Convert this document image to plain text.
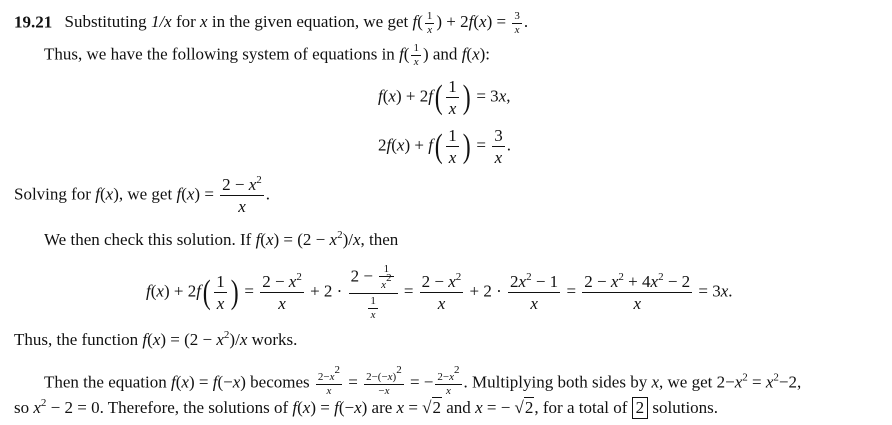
19.21 Substituting 1/x for x in the given equation, we get $f( \frac{1}{x}$ ) + $2f(x) = \frac{3}{x}$ .
Thus, we have the following system of equations in $f( \frac{1}{x}$ ) and f(x):
$f(x) + 2f( \frac{1}{x}$ ) = 3x,
$2f(x) + f( \frac{1}{x}$ ) = $\frac{3}{x}$ .
Solving for f(x), we get $f(x) = \frac{2 - x^2}{x}$ .
We then check this solution. If $f(x) = (2 - x^2)/x$, then
$f(x) + 2f( \frac{1}{x}$ ) = $\frac{2 - x^2}{x} + 2 \cdot \frac{2 - \frac{1}{x^2}}{\frac{1}{x}} = \frac{2 - x^2}{x} + 2 \cdot \frac{2x^2 - 1}{x} = \frac{2 - x^2 + 4x^2 - 2}{x} = 3x$.
Thus, the function $f(x) = (2 - x^2)/x$ works.
Then the equation f(x) = f(−x) becomes $\frac{2-x^2}{x} = \frac{2-(-x)^2}{-x}$ = − $\frac{2-x^2}{x}$ . Multiplying both sides by x, we get $2-x^2 = x^2-2$,
so $x^2 - 2 = 0$. Therefore, the solutions of f(x) = f(−x) are x = √2 and x = − √2, for a total of 2 solutions.
